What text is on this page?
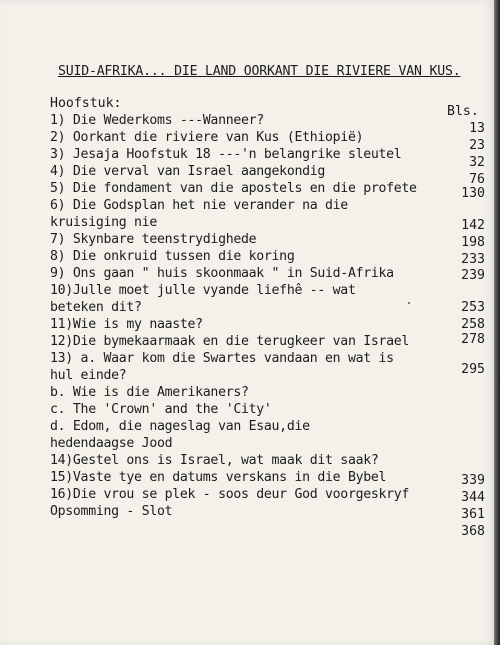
SUID-AFRIKA... DIE LAND OORKANT DIE RIVIERE VAN KUS.
Hoofstuk:
Bls.
1) Die Wederkoms ---Wanneer?
2) Oorkant die riviere van Kus (Ethiopië)
3) Jesaja Hoofstuk 18 ---'n belangrike sleutel
4) Die verval van Israel aangekondig
5) Die fondament van die apostels en die profete
6) Die Godsplan het nie verander na die
kruisiging nie
7) Skynbare teenstrydighede
8) Die onkruid tussen die koring
9) Ons gaan " huis skoonmaak " in Suid-Afrika
10)Julle moet julle vyande liefhê -- wat
beteken dit?
11)Wie is my naaste?
12)Die bymekaarmaak en die terugkeer van Israel
13) a. Waar kom die Swartes vandaan en wat is
hul einde?
b. Wie is die Amerikaners?
c. The 'Crown' and the 'City'
d. Edom, die nageslag van Esau,die
hedendaagse Jood
14)Gestel ons is Israel, wat maak dit saak?
15)Vaste tye en datums verskans in die Bybel
16)Die vrou se plek - soos deur God voorgeskryf
Opsomming - Slot
13
23
32
76
130
142
198
233
239
253
258
278
295
339
344
361
368
